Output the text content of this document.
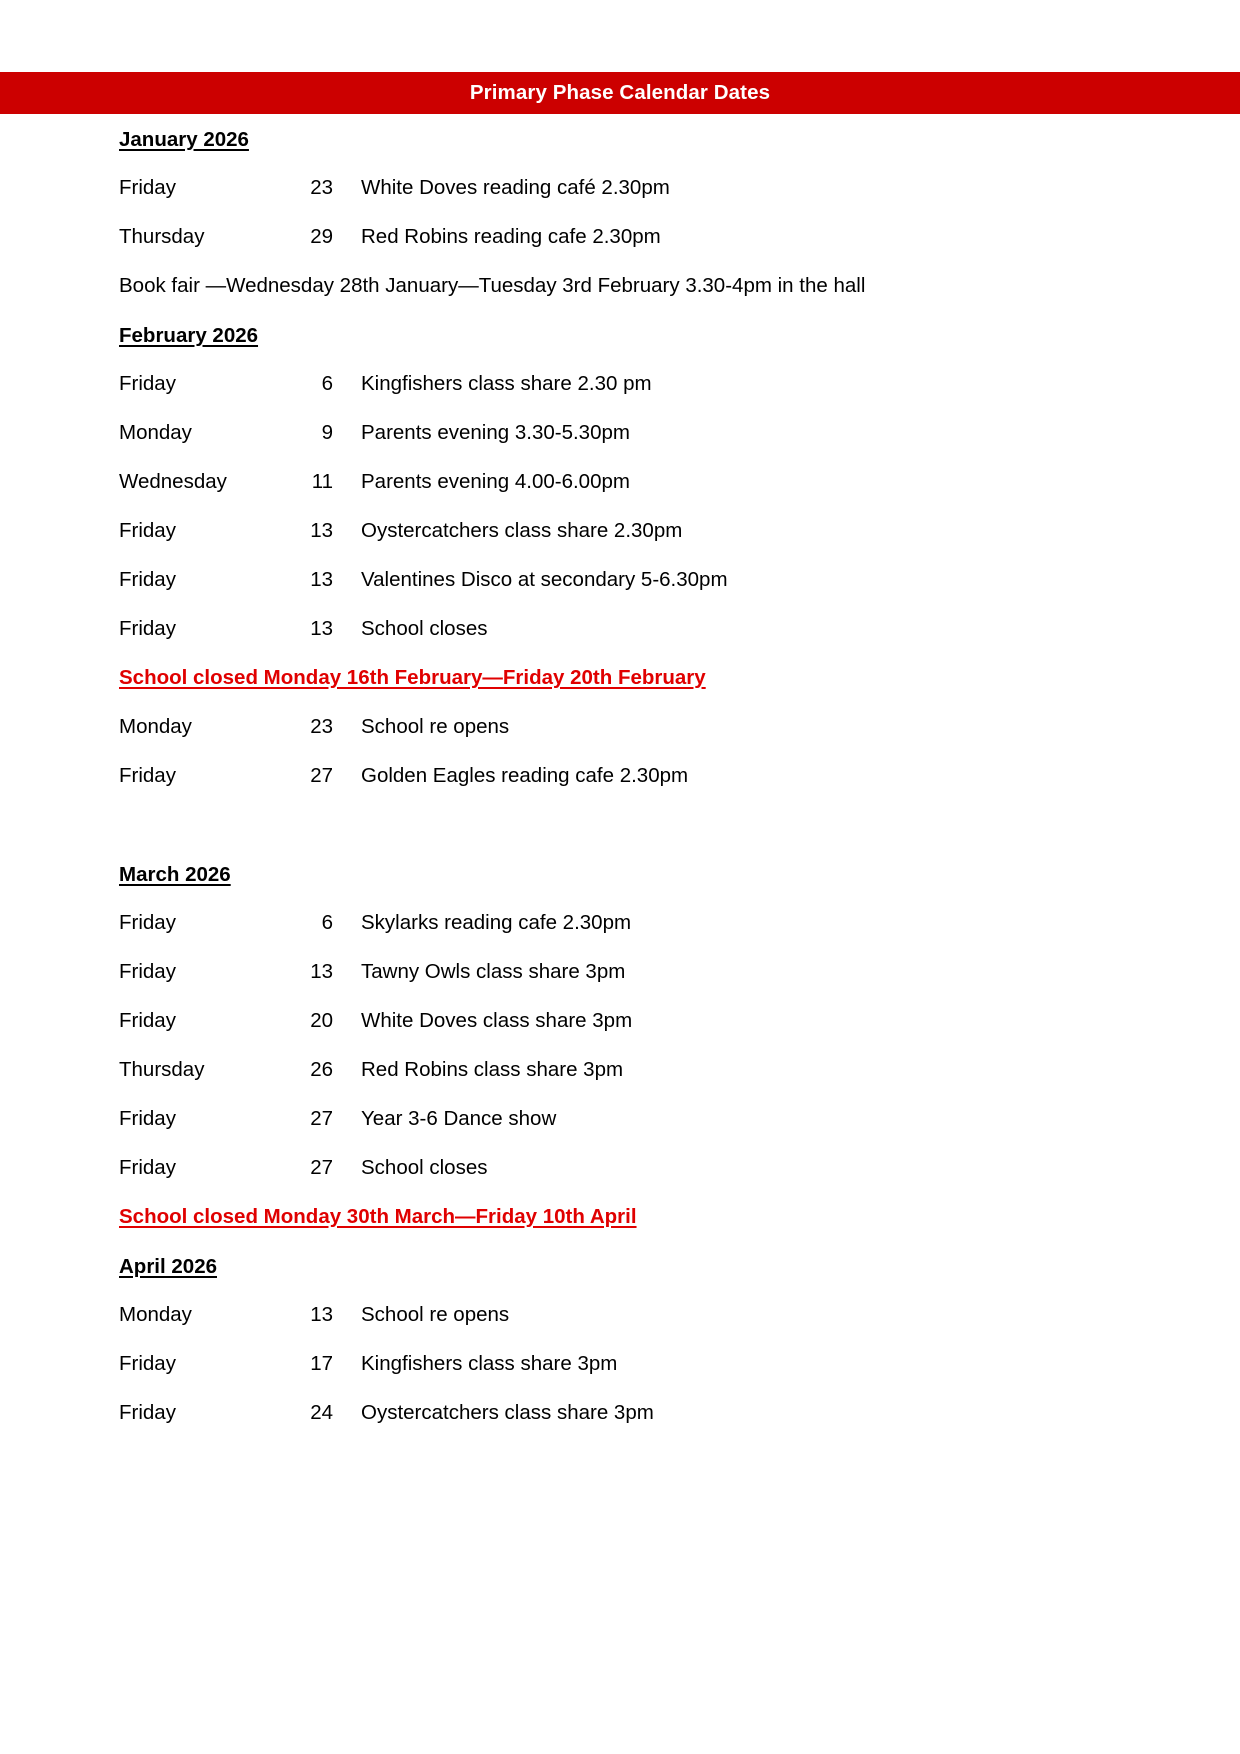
Primary Phase Calendar Dates
January 2026
Friday	23	White Doves reading café 2.30pm
Thursday	29	Red Robins reading cafe 2.30pm
Book fair —Wednesday 28th January—Tuesday 3rd February 3.30-4pm in the hall
February 2026
Friday	6	Kingfishers class share 2.30 pm
Monday	9	Parents evening 3.30-5.30pm
Wednesday	11	Parents evening 4.00-6.00pm
Friday	13	Oystercatchers class share 2.30pm
Friday	13	Valentines Disco at secondary 5-6.30pm
Friday	13	School closes
School closed Monday 16th February—Friday 20th February
Monday	23	School re opens
Friday	27	Golden Eagles reading cafe 2.30pm
March 2026
Friday	6	Skylarks reading cafe 2.30pm
Friday	13	Tawny Owls class share 3pm
Friday	20	White Doves class share 3pm
Thursday	26	Red Robins class share 3pm
Friday	27	Year 3-6 Dance show
Friday	27	School closes
School closed Monday 30th March—Friday 10th April
April 2026
Monday	13	School re opens
Friday	17	Kingfishers class share 3pm
Friday	24	Oystercatchers class share 3pm
